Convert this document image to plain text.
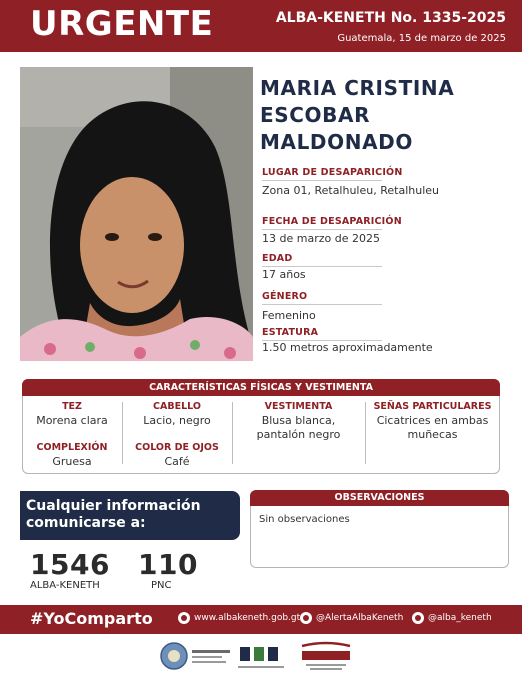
URGENTE	ALBA-KENETH No. 1335-2025
Guatemala, 15 de marzo de 2025
MARIA CRISTINA
ESCOBAR
MALDONADO
LUGAR DE DESAPARICIÓN
Zona 01, Retalhuleu, Retalhuleu
FECHA DE DESAPARICIÓN
13 de marzo de 2025
EDAD
17 años
GÉNERO
Femenino
ESTATURA
1.50 metros aproximadamente
CARACTERÍSTICAS FÍSICAS Y VESTIMENTA
TEZ
Morena clara
COMPLEXIÓN
Gruesa
CABELLO
Lacio, negro
COLOR DE OJOS
Café
VESTIMENTA
Blusa blanca,
pantalón negro
SEÑAS PARTICULARES
Cicatrices en ambas
muñecas
Cualquier información
comunicarse a:
1546
ALBA-KENETH
110
PNC
OBSERVACIONES
Sin observaciones
#YoComparto	www.albakeneth.gob.gt @AlertaAlbaKeneth	@alba_keneth
